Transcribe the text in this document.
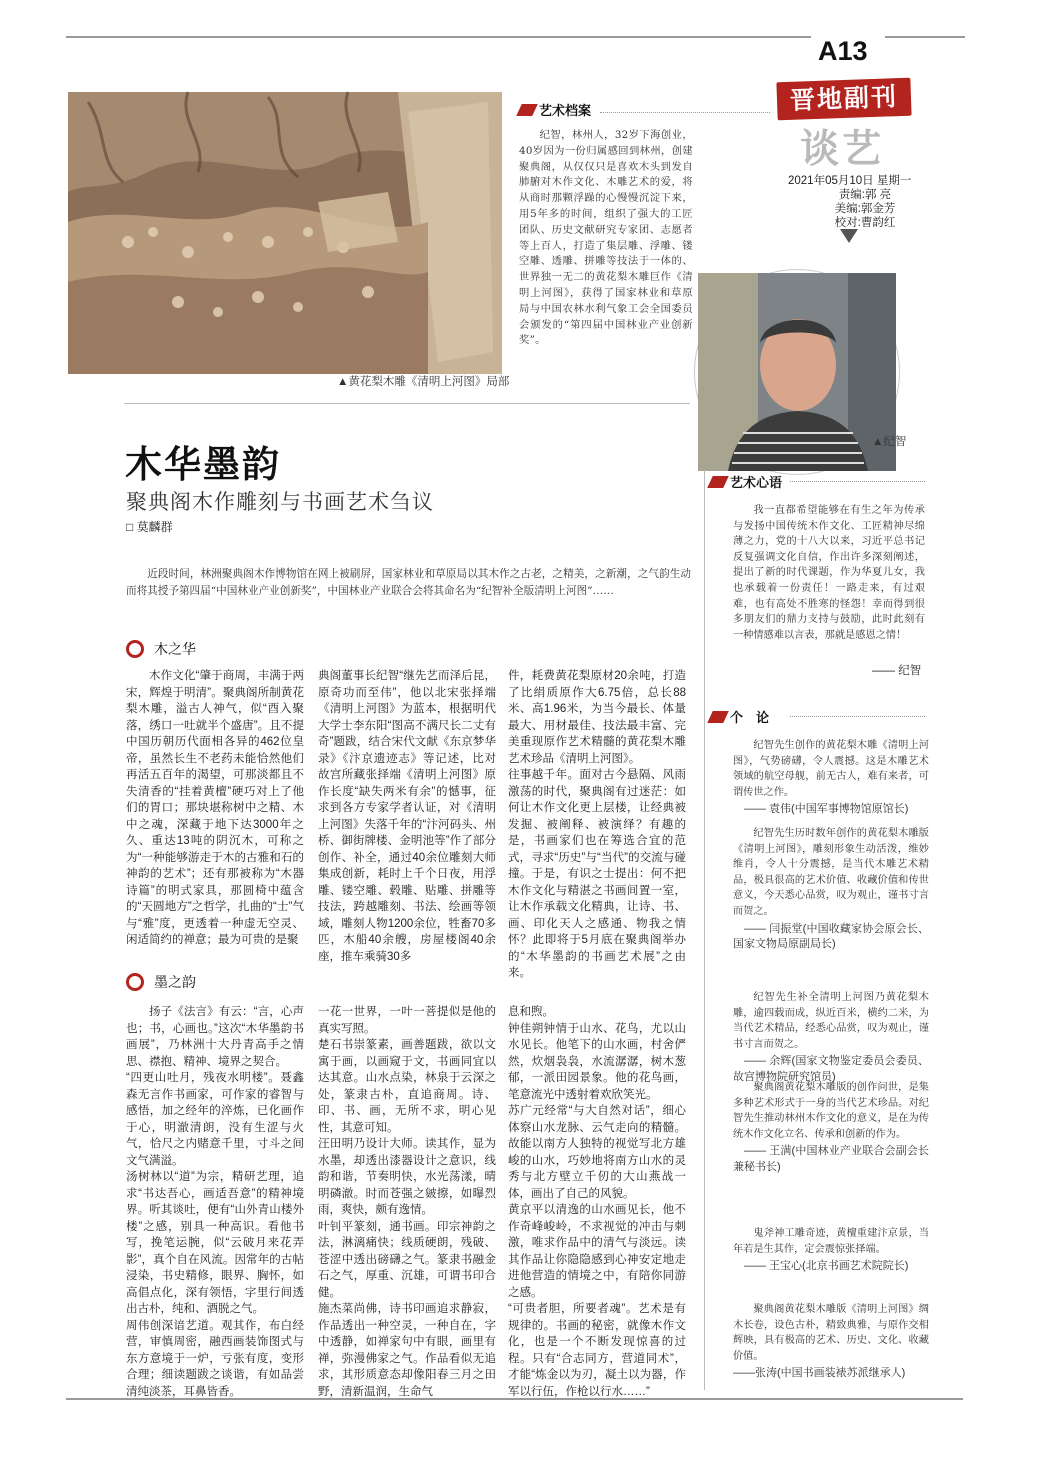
A13
晋地副刊
谈艺
2021年05月10日 星期一
责编:郭 亮
美编:郭金芳
校对:曹韵红
▲黄花梨木雕《清明上河图》局部
艺术档案
纪智，林州人，32岁下海创业，40岁因为一份归属感回到林州，创建聚典阁，从仅仅只是喜欢木头到发自肺腑对木作文化、木雕艺术的爱，将从商时那颗浮躁的心慢慢沉淀下来，用5年多的时间，组织了强大的工匠团队、历史文献研究专家团、志愿者等上百人，打造了集层雕、浮雕、镂空雕、透雕、拼雕等技法于一体的、世界独一无二的黄花梨木雕巨作《清明上河图》，获得了国家林业和草原局与中国农林水利气象工会全国委员会颁发的“第四届中国林业产业创新奖”。
▲纪智
木华墨韵
聚典阁木作雕刻与书画艺术刍议
□ 莫麟群
近段时间，林洲聚典阁木作博物馆在网上被刷屏，国家林业和草原局以其木作之古老，之精美，之新潮，之气韵生动而将其授予第四届“中国林业产业创新奖”，中国林业产业联合会将其命名为“纪智补全版清明上河图”……
木之华
木作文化“肇于商周，丰满于两宋，辉煌于明清”。聚典阁所制黄花梨木雕，溢古人神气，似“酉入聚落，绣口一吐就半个盛唐”。且不提中国历朝历代面相各异的462位皇帝，虽然长生不老药未能恰然他们再活五百年的渴望，可那淡都且不失清香的“挂着黄檀”硬巧对上了他们的胃口；那块堪称树中之精、木中之魂，深藏于地下达3000年之久、重达13吨的阴沉木，可称之为“一种能够游走于木的古雅和石的神韵的艺术”；还有那被称为“木器诗篇”的明式家具，那圆椅中蕴含的“天圆地方”之哲学，扎曲的“士”气与“雅”度，更透着一种虚无空灵、闲适简约的禅意；最为可贵的是聚
典阁董事长纪智“继先艺而泽后昆，原奇功而至伟”，他以北宋张择端《清明上河图》为蓝本，根据明代大学士李东阳“图高不满尺长二丈有奇”题跋，结合宋代文献《东京梦华录》《汴京遗迹志》等记述，比对故宫所藏张择端《清明上河图》原作长度“缺失两米有余”的憾事，征求到各方专家学者认证，对《清明上河图》失落千年的“汴河码头、州桥、御街牌楼、金明池等”作了部分创作、补全，通过40余位雕刻大师集成创新，耗时上千个日夜，用浮雕、镂空雕、毂雕、贴雕、拼雕等技法，跨越雕刻、书法、绘画等领域，雕刻人物1200余位，牲畜70多匹，木船40余艘，房屋楼阁40余座，推车乘骑30多
件，耗费黄花梨原材20余吨，打造了比绢质原作大6.75倍，总长88米、高1.96米，为当今最长、体量最大、用材最佳、技法最丰富、完美重现原作艺术精髓的黄花梨木雕艺术珍品《清明上河图》。
往事越千年。面对古今悬隔、风雨激荡的时代，聚典阁有过迷茫：如何让木作文化更上层楼，让经典被发掘、被阐释、被演绎？有趣的是，书画家们也在筹选合宜的范式，寻求“历史”与“当代”的交流与碰撞。于是，有识之士提出：何不把木作文化与精湛之书画间置一室，让木作承载文化精典，让诗、书、画、印化天人之感通、物我之情怀？此即将于5月底在聚典阁举办的“木华墨韵的书画艺术展”之由来。
墨之韵
扬子《法言》有云：“言，心声也；书，心画也。”这次“木华墨韵书画展”，乃林洲十大丹青高手之情思、襟抱、精神、境界之契合。
“四更山吐月，残夜水明楼”。聂鑫森无言作书画家，可作家的睿智与感悟，加之经年的淬炼，已化画作于心，明澈清朗，没有生涩与火气，恰尺之内赌意千里，寸斗之间文气满溢。
汤树林以“道”为宗，精研艺理，追求“书达吾心，画适吾意”的精神境界。听其谈吐，便有“山外青山楼外楼”之感，别具一种高识。看他书写，挽笔运腕，似“云破月来花弄影”，真个自在风流。因常年的古帖浸染，书史精修，眼界、胸怀，如高倡点化，深有领悟，字里行间透出古朴，纯和、酒脱之气。
周伟创深谙艺道。观其作，布白经营，审慎周密，融西画装饰图式与东方意境于一炉，亏张有度，变形合理；细读题跋之谈谐，有如品尝清纯淡茶，耳鼻皆香。
一花一世界，一叶一菩提似是他的真实写照。
楚石书崇篆素，画善题跋，欲以文寓于画，以画窥于文，书画同宜以达其意。山水点染，林泉于云深之处，篆隶古朴，直追商周。诗、印、书、画，无所不求，明心见性，其意可知。
汪田明乃设计大师。读其作，显为水墨，却透出漆器设计之意识，线韵和谐，节奏明快，水光荡漾，晴明磷澈。时而苍强之皴擦，如曝烈雨，爽快，颇有逸情。
叶钊平篆刻，通书画。印宗神韵之法，淋漓痛快；线质硬朗，残破、苍涩中透出磅礴之气。篆隶书融金石之气，厚重、沉雄，可谓书印合健。
施杰菜尚佛，诗书印画追求静寂，作品透出一种空灵，一种自在，字中透静，如禅家句中有眼，画里有禅，弥漫佛家之气。作品看似无追求，其形质意态却像阳春三月之田野，清新温润，生命气
息和煦。
钟佳朔钟情于山水、花鸟，尤以山水见长。他笔下的山水画，村舍俨然，炊烟袅袅，水流潺潺，树木葱郁，一派田园景象。他的花鸟画，笔意流光中透射着欢欣笑光。
苏广元经常“与大自然对话”，细心体察山水龙脉、云气走向的精髓。故能以南方人独特的视觉写北方雄峻的山水，巧妙地将南方山水的灵秀与北方壁立千仞的大山燕战一体，画出了自己的风貌。
黄京平以清逸的山水画见长，他不作奇峰峻岭，不求视觉的冲击与刺激，唯求作品中的清气与淡远。读其作品让你隐隐感到心神安定地走进他营造的情境之中，有陪你同游之感。
“可贵者胆，所要者魂”。艺术是有规律的。书画的秘密，就像木作文化，也是一个不断发现惊喜的过程。只有“合志同方，营道同术”，才能“炼金以为刃，凝土以为器，作军以行伍，作枪以行水……”
艺术心语

我一直都希望能够在有生之年为传承与发扬中国传统木作文化、工匠精神尽绵薄之力，党的十八大以来，习近平总书记反复强调文化自信，作出许多深刻阐述，提出了新的时代课题，作为华夏儿女，我也承载着一份责任！一路走来，有过艰难，也有高处不胜寒的怪怨！幸而得到很多朋友们的鼎力支持与鼓励，此时此刻有一种情感难以言表，那就是感恩之情！

—— 纪智
个　论

纪智先生创作的黄花梨木雕《清明上河图》，气势磅礴，令人震撼。这是木雕艺术领域的航空母舰，前无古人，难有来者，可谓传世之作。

—— 袁伟(中国军事博物馆原馆长)

纪智先生历时数年创作的黄花梨木雕版《清明上河图》，雕刻形象生动活泼，维妙维肖，令人十分震撼，是当代木雕艺术精品，极具很高的艺术价值、收藏价值和传世意义，今天悉心品赏，叹为观止，谨书寸言而贺之。

—— 闫振堂(中国收藏家协会原会长、国家文物局原副局长)

纪智先生补全清明上河图乃黄花梨木雕，逾四载而成，纵近百米，横约二米，为当代艺术精品，经悉心品赏，叹为观止，谨书寸言而贺之。

—— 余辉(国家文物鉴定委员会委员、故宫博物院研究馆员)

聚典阁黄花梨木雕版的创作问世，是集多种艺术形式于一身的当代艺术珍品。对纪智先生推动林州木作文化的意义，是在为传统木作文化立名、传承和创新的作为。

—— 王满(中国林业产业联合会副会长兼秘书长)

鬼斧神工雕奇迹，黄檀重建汴京景，当年若是生其作，定会震惊张择端。

—— 王宝心(北京书画艺术院院长)

聚典阁黄花梨木雕版《清明上河图》绸木长卷，设色古朴，精致典雅，与原作交相辉映，具有极高的艺术、历史、文化、收藏价值。

——张涛(中国书画装裱苏派继承人)
